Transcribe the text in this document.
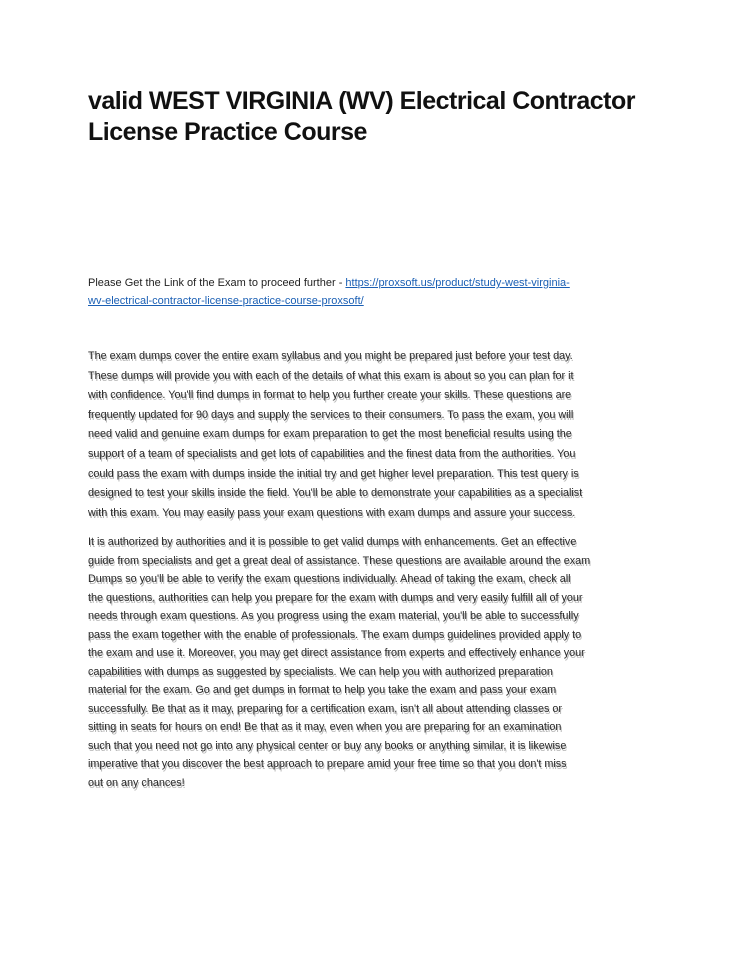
valid WEST VIRGINIA (WV) Electrical Contractor
License Practice Course
Please Get the Link of the Exam to proceed further - https://proxsoft.us/product/study-west-virginia-
wv-electrical-contractor-license-practice-course-proxsoft/
The exam dumps cover the entire exam syllabus and you might be prepared just before your test day.
These dumps will provide you with each of the details of what this exam is about so you can plan for it
with confidence. You'll find dumps in format to help you further create your skills. These questions are
frequently updated for 90 days and supply the services to their consumers. To pass the exam, you will
need valid and genuine exam dumps for exam preparation to get the most beneficial results using the
support of a team of specialists and get lots of capabilities and the finest data from the authorities. You
could pass the exam with dumps inside the initial try and get higher level preparation. This test query is
designed to test your skills inside the field. You'll be able to demonstrate your capabilities as a specialist
with this exam. You may easily pass your exam questions with exam dumps and assure your success.
It is authorized by authorities and it is possible to get valid dumps with enhancements. Get an effective
guide from specialists and get a great deal of assistance. These questions are available around the exam
Dumps so you'll be able to verify the exam questions individually. Ahead of taking the exam, check all
the questions, authorities can help you prepare for the exam with dumps and very easily fulfill all of your
needs through exam questions. As you progress using the exam material, you'll be able to successfully
pass the exam together with the enable of professionals. The exam dumps guidelines provided apply to
the exam and use it. Moreover, you may get direct assistance from experts and effectively enhance your
capabilities with dumps as suggested by specialists. We can help you with authorized preparation
material for the exam. Go and get dumps in format to help you take the exam and pass your exam
successfully. Be that as it may, preparing for a certification exam, isn't all about attending classes or
sitting in seats for hours on end! Be that as it may, even when you are preparing for an examination
such that you need not go into any physical center or buy any books or anything similar, it is likewise
imperative that you discover the best approach to prepare amid your free time so that you don't miss
out on any chances!
